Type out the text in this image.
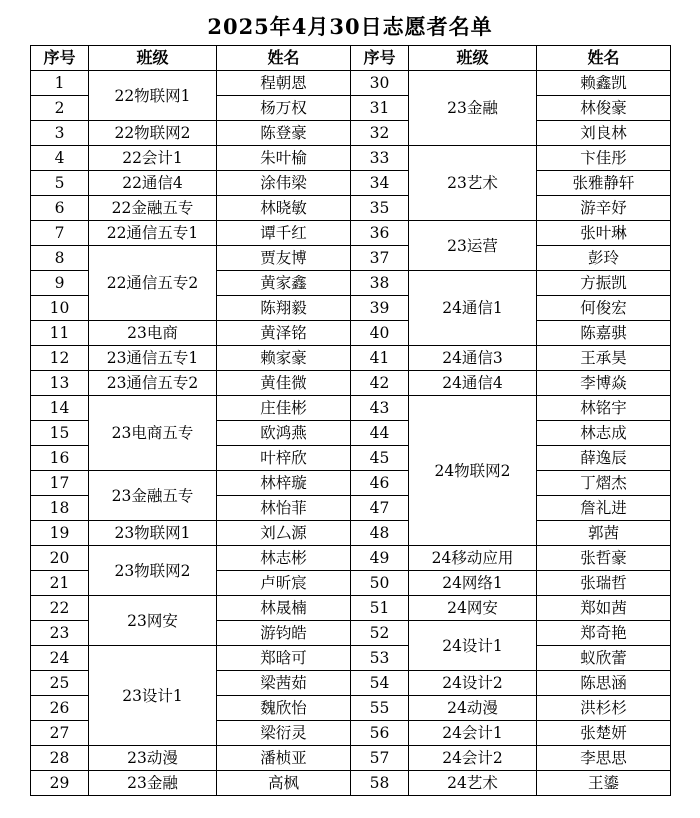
2025年4月30日志愿者名单
序号	班级	姓名	序号	班级	姓名
1	22物联网1	程朝恩	30	23金融	赖鑫凯
2		杨万权	31		林俊豪
3	22物联网2	陈登豪	32		刘良林
4	22会计1	朱叶榆	33	23艺术	卞佳彤
5	22通信4	涂伟梁	34		张雅静轩
6	22金融五专	林晓敏	35		游辛妤
7	22通信五专1	谭千红	36	23运营	张叶琳
8	22通信五专2	贾友博	37		彭玲
9		黄家鑫	38	24通信1	方振凯
10		陈翔毅	39		何俊宏
11	23电商	黄泽铭	40		陈嘉骐
12	23通信五专1	赖家豪	41	24通信3	王承昊
13	23通信五专2	黄佳微	42	24通信4	李博焱
14	23电商五专	庄佳彬	43	24物联网2	林铭宇
15		欧鸿燕	44		林志成
16		叶梓欣	45		薛逸辰
17	23金融五专	林梓璇	46		丁熠杰
18		林怡菲	47		詹礼进
19	23物联网1	刘厶源	48		郭茜
20	23物联网2	林志彬	49	24移动应用	张哲豪
21		卢昕宸	50	24网络1	张瑞哲
22	23网安	林晟楠	51	24网安	郑如茜
23		游钧皓	52	24设计1	郑奇艳
24	23设计1	郑晗可	53		蚁欣蕾
25		梁茜茹	54	24设计2	陈思涵
26		魏欣怡	55	24动漫	洪杉杉
27		梁衍灵	56	24会计1	张楚妍
28	23动漫	潘桢亚	57	24会计2	李思思
29	23金融	高枫	58	24艺术	王鎏
